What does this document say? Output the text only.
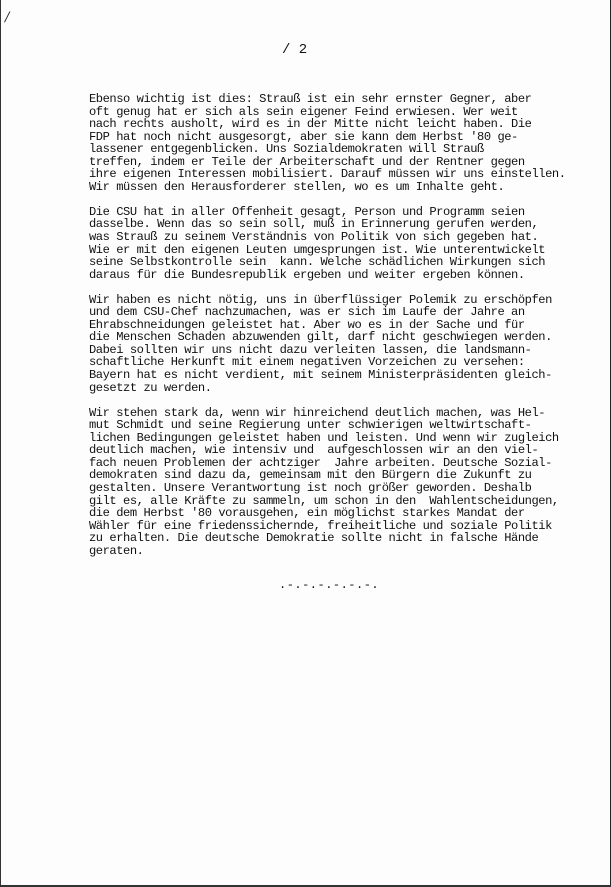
/
/ 2

Ebenso wichtig ist dies: Strauß ist ein sehr ernster Gegner, aber
oft genug hat er sich als sein eigener Feind erwiesen. Wer weit
nach rechts ausholt, wird es in der Mitte nicht leicht haben. Die
FDP hat noch nicht ausgesorgt, aber sie kann dem Herbst '80 ge-
lassener entgegenblicken. Uns Sozialdemokraten will Strauß
treffen, indem er Teile der Arbeiterschaft und der Rentner gegen
ihre eigenen Interessen mobilisiert. Darauf müssen wir uns einstellen.
Wir müssen den Herausforderer stellen, wo es um Inhalte geht.

Die CSU hat in aller Offenheit gesagt, Person und Programm seien
dasselbe. Wenn das so sein soll, muß in Erinnerung gerufen werden,
was Strauß zu seinem Verständnis von Politik von sich gegeben hat.
Wie er mit den eigenen Leuten umgesprungen ist. Wie unterentwickelt
seine Selbstkontrolle sein  kann. Welche schädlichen Wirkungen sich
daraus für die Bundesrepublik ergeben und weiter ergeben können.

Wir haben es nicht nötig, uns in überflüssiger Polemik zu erschöpfen
und dem CSU-Chef nachzumachen, was er sich im Laufe der Jahre an
Ehrabschneidungen geleistet hat. Aber wo es in der Sache und für
die Menschen Schaden abzuwenden gilt, darf nicht geschwiegen werden.
Dabei sollten wir uns nicht dazu verleiten lassen, die landsmann-
schaftliche Herkunft mit einem negativen Vorzeichen zu versehen:
Bayern hat es nicht verdient, mit seinem Ministerpräsidenten gleich-
gesetzt zu werden.

Wir stehen stark da, wenn wir hinreichend deutlich machen, was Hel-
mut Schmidt und seine Regierung unter schwierigen weltwirtschaft-
lichen Bedingungen geleistet haben und leisten. Und wenn wir zugleich
deutlich machen, wie intensiv und  aufgeschlossen wir an den viel-
fach neuen Problemen der achtziger  Jahre arbeiten. Deutsche Sozial-
demokraten sind dazu da, gemeinsam mit den Bürgern die Zukunft zu
gestalten. Unsere Verantwortung ist noch größer geworden. Deshalb
gilt es, alle Kräfte zu sammeln, um schon in den  Wahlentscheidungen,
die dem Herbst '80 vorausgehen, ein möglichst starkes Mandat der
Wähler für eine friedenssichernde, freiheitliche und soziale Politik
zu erhalten. Die deutsche Demokratie sollte nicht in falsche Hände
geraten.

.-.-.-.-.-.-.
